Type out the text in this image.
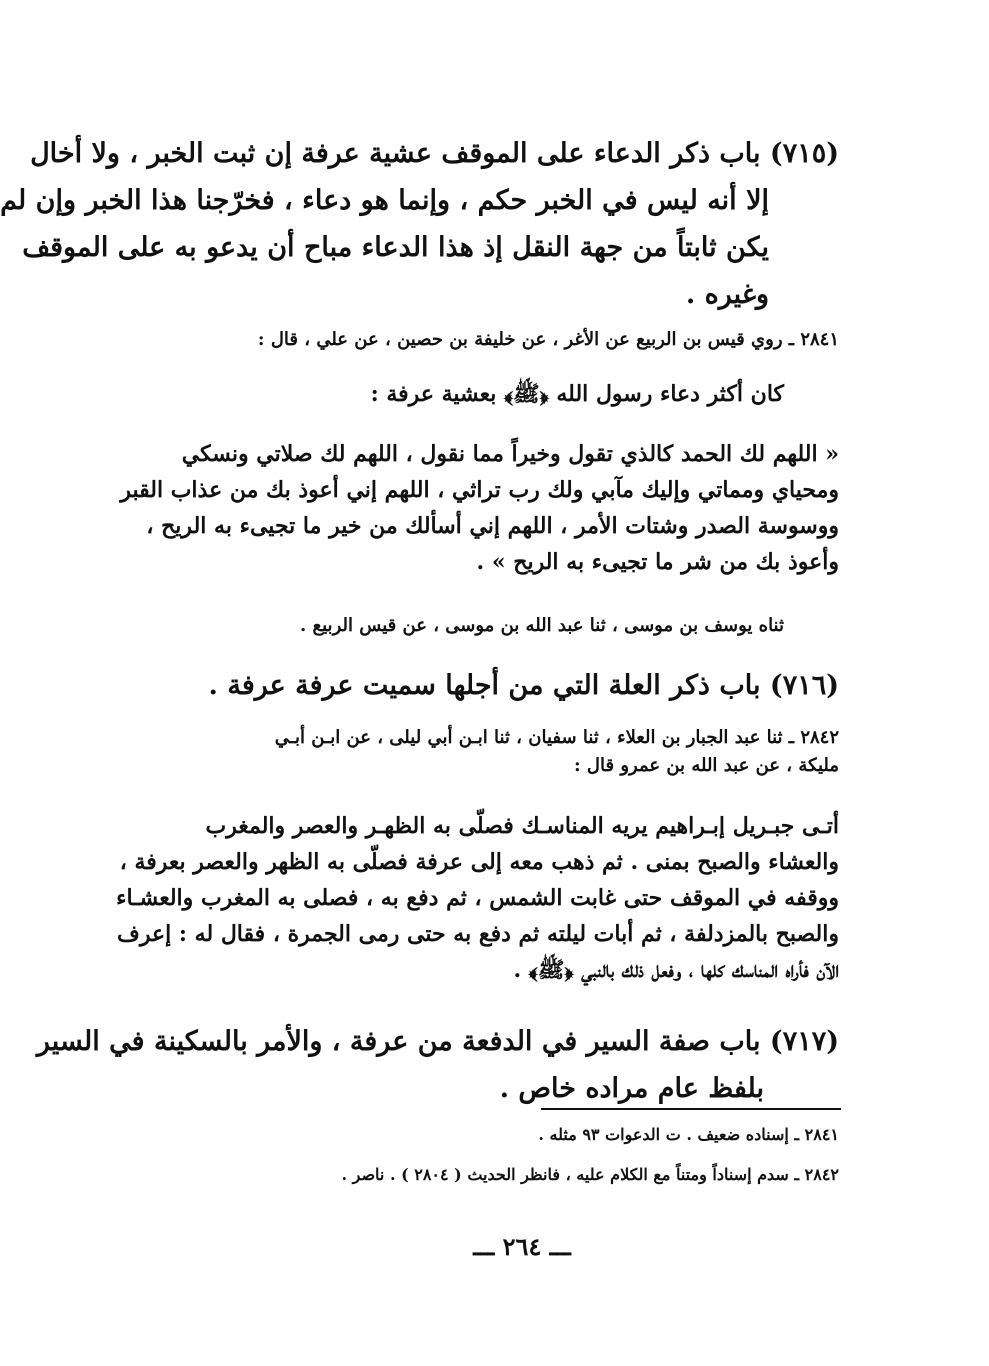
(٧١٥) باب ذكر الدعاء على الموقف عشية عرفة إن ثبت الخبر ، ولا أخال
إلا أنه ليس في الخبر حكم ، وإنما هو دعاء ، فخرّجنا هذا الخبر وإن لم
يكن ثابتاً من جهة النقل إذ هذا الدعاء مباح أن يدعو به على الموقف
وغيره .
٢٨٤١ ـ روي قيس بن الربيع عن الأغر ، عن خليفة بن حصين ، عن علي ، قال :
كان أكثر دعاء رسول الله ﴿ﷺ﴾ بعشية عرفة :
« اللهم لك الحمد كالذي تقول وخيراً مما نقول ، اللهم لك صلاتي ونسكي
ومحياي ومماتي وإليك مآبي ولك رب تراثي ، اللهم إني أعوذ بك من عذاب القبر
ووسوسة الصدر وشتات الأمر ، اللهم إني أسألك من خير ما تجيىء به الريح ،
وأعوذ بك من شر ما تجيىء به الريح » .
ثناه يوسف بن موسى ، ثنا عبد الله بن موسى ، عن قيس الربيع .
(٧١٦) باب ذكر العلة التي من أجلها سميت عرفة عرفة .
٢٨٤٢ ـ ثنا عبد الجبار بن العلاء ، ثنا سفيان ، ثنا ابـن أبي ليلى ، عن ابـن أبـي
مليكة ، عن عبد الله بن عمرو قال :
أتـى جبـريل إبـراهيم يريه المناسـك فصلّى به الظهـر والعصر والمغرب
والعشاء والصبح بمنى . ثم ذهب معه إلى عرفة فصلّى به الظهر والعصر بعرفة ،
ووقفه في الموقف حتى غابت الشمس ، ثم دفع به ، فصلى به المغرب والعشـاء
والصبح بالمزدلفة ، ثم أبات ليلته ثم دفع به حتى رمى الجمرة ، فقال له : إعرف
الآن فأراه المناسك كلها ، وفعل ذلك بالنبي ﴿ﷺ﴾ .
(٧١٧) باب صفة السير في الدفعة من عرفة ، والأمر بالسكينة في السير
بلفظ عام مراده خاص .
٢٨٤١ ـ إسناده ضعيف . ت الدعوات ٩٣ مثله .
٢٨٤٢ ـ سدم إسناداً ومتناً مع الكلام عليه ، فانظر الحديث ( ٢٨٠٤ ) . ناصر .
ـــ ٢٦٤ ـــ
